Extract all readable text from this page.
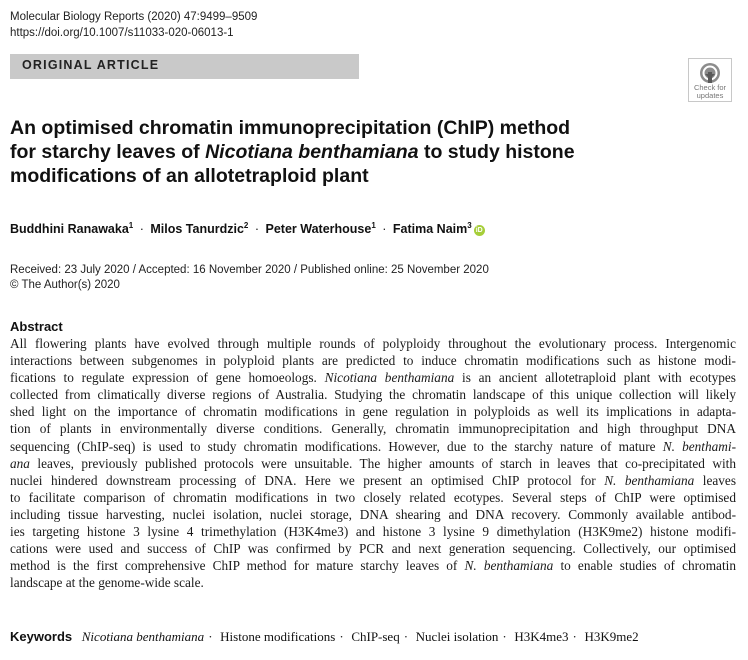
Molecular Biology Reports (2020) 47:9499–9509
https://doi.org/10.1007/s11033-020-06013-1
ORIGINAL ARTICLE
Check for
updates
An optimised chromatin immunoprecipitation (ChIP) method
for starchy leaves of Nicotiana benthamiana to study histone
modifications of an allotetraploid plant
Buddhini Ranawaka$^1$ · Milos Tanurdzic$^2$ · Peter Waterhouse$^1$ · Fatima Naim$^3$iD
Received: 23 July 2020 / Accepted: 16 November 2020 / Published online: 25 November 2020
© The Author(s) 2020
Abstract

All flowering plants have evolved through multiple rounds of polyploidy throughout the evolutionary process. Intergenomic
interactions between subgenomes in polyploid plants are predicted to induce chromatin modifications such as histone modi-
fications to regulate expression of gene homoeologs. Nicotiana benthamiana is an ancient allotetraploid plant with ecotypes
collected from climatically diverse regions of Australia. Studying the chromatin landscape of this unique collection will likely
shed light on the importance of chromatin modifications in gene regulation in polyploids as well its implications in adapta-
tion of plants in environmentally diverse conditions. Generally, chromatin immunoprecipitation and high throughput DNA
sequencing (ChIP-seq) is used to study chromatin modifications. However, due to the starchy nature of mature N. benthami-
ana leaves, previously published protocols were unsuitable. The higher amounts of starch in leaves that co-precipitated with
nuclei hindered downstream processing of DNA. Here we present an optimised ChIP protocol for N. benthamiana leaves
to facilitate comparison of chromatin modifications in two closely related ecotypes. Several steps of ChIP were optimised
including tissue harvesting, nuclei isolation, nuclei storage, DNA shearing and DNA recovery. Commonly available antibod-
ies targeting histone 3 lysine 4 trimethylation (H3K4me3) and histone 3 lysine 9 dimethylation (H3K9me2) histone modifi-
cations were used and success of ChIP was confirmed by PCR and next generation sequencing. Collectively, our optimised
method is the first comprehensive ChIP method for mature starchy leaves of N. benthamiana to enable studies of chromatin
landscape at the genome-wide scale.

Keywords Nicotiana benthamiana · Histone modifications · ChIP-seq · Nuclei isolation · H3K4me3 · H3K9me2
